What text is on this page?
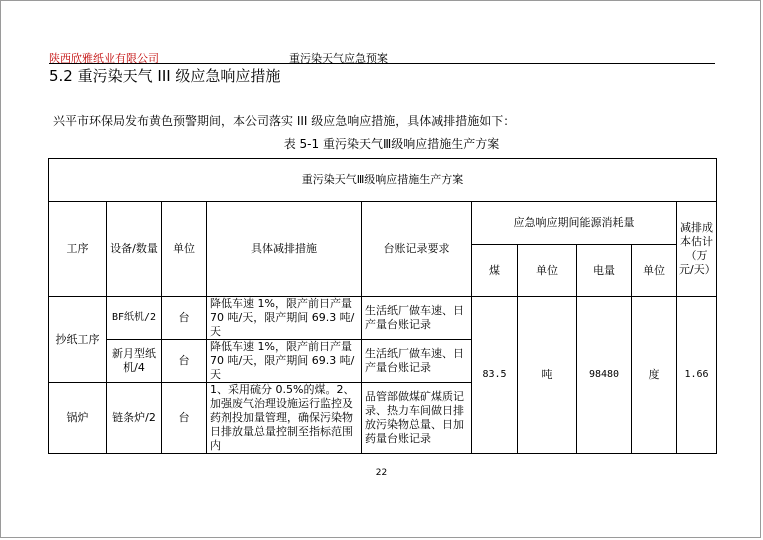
陕西欣雅纸业有限公司	重污染天气应急预案
5.2 重污染天气 III 级应急响应措施
兴平市环保局发布黄色预警期间，本公司落实 III 级应急响应措施，具体减排措施如下：
表 5-1 重污染天气Ⅲ级响应措施生产方案
重污染天气Ⅲ级响应措施生产方案									
工序	设备/数量	单位	具体减排措施	台账记录要求	应急响应期间能源消耗量				减排成本估计（万元/天）
					煤	单位	电量	单位	
抄纸工序	BF纸机/2	台	降低车速 1%，限产前日产量 70 吨/天，限产期间 69.3 吨/天	生活纸厂做车速、日产量台账记录	83.5	吨	98480	度	1.66
	新月型纸机/4	台	降低车速 1%，限产前日产量 70 吨/天，限产期间 69.3 吨/天	生活纸厂做车速、日产量台账记录					
锅炉	链条炉/2	台	1、采用硫分 0.5%的煤。2、加强废气治理设施运行监控及药剂投加量管理，确保污染物日排放量总量控制至指标范围内	品管部做煤矿煤质记录、热力车间做日排放污染物总量、日加药量台账记录					
22
